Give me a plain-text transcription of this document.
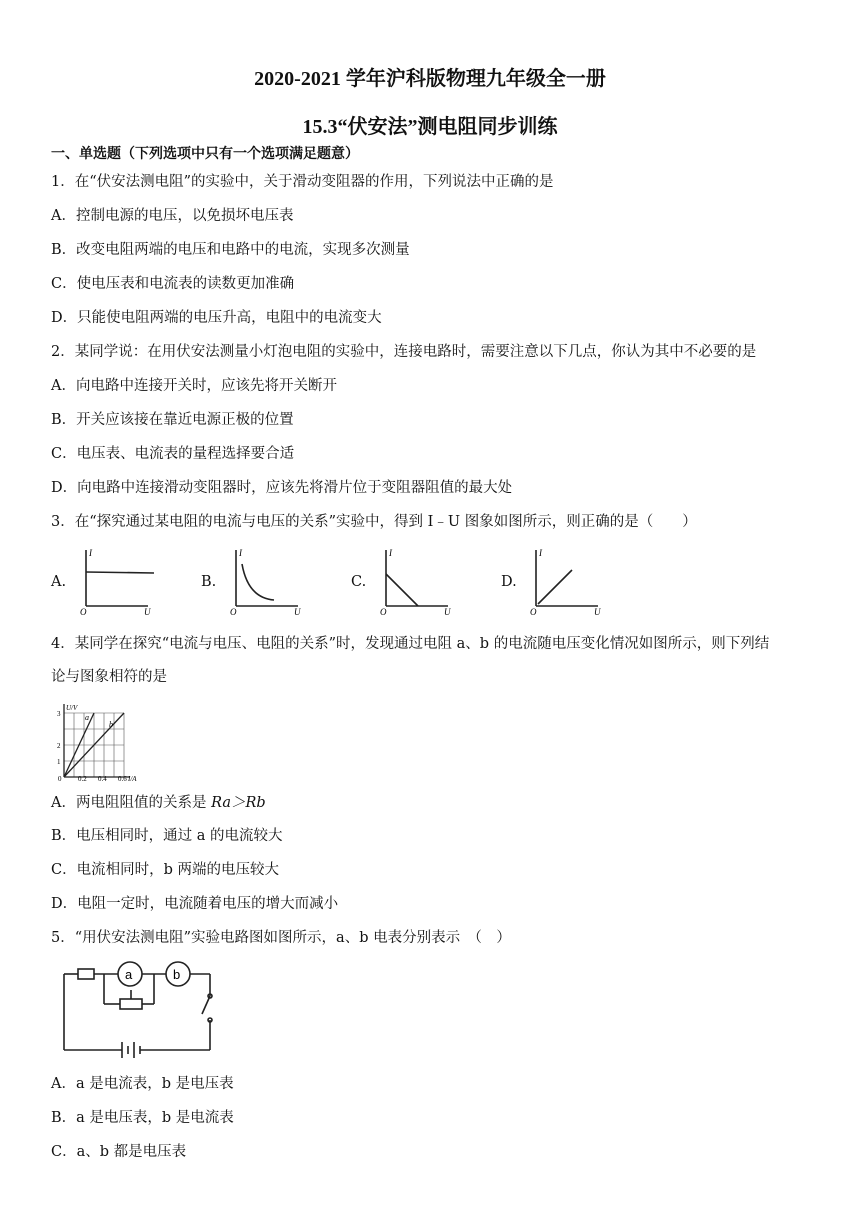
2020-2021 学年沪科版物理九年级全一册
15.3“伏安法”测电阻同步训练
一、单选题（下列选项中只有一个选项满足题意）
1．在“伏安法测电阻”的实验中，关于滑动变阻器的作用，下列说法中正确的是
A．控制电源的电压，以免损坏电压表
B．改变电阻两端的电压和电路中的电流，实现多次测量
C．使电压表和电流表的读数更加准确
D．只能使电阻两端的电压升高，电阻中的电流变大
2．某同学说：在用伏安法测量小灯泡电阻的实验中，连接电路时，需要注意以下几点，你认为其中不必要的是
A．向电路中连接开关时，应该先将开关断开
B．开关应该接在靠近电源正极的位置
C．电压表、电流表的量程选择要合适
D．向电路中连接滑动变阻器时，应该先将滑片位于变阻器阻值的最大处
3．在“探究通过某电阻的电流与电压的关系”实验中，得到 I﹣U 图象如图所示，则正确的是（　　）
A.
I
O	U
B.
I
O	U
C.
I
O	U
D.
I
O	U
4．某同学在探究“电流与电压、电阻的关系”时，发现通过电阻 a、b 的电流随电压变化情况如图所示，则下列结
论与图象相符的是
U/V
1
2
3
0 0.2 0.4 0.6 I/A
a
b
A．两电阻阻值的关系是 Ra＞Rb
B．电压相同时，通过 a 的电流较大
C．电流相同时，b 两端的电压较大
D．电阻一定时，电流随着电压的增大而减小
5．“用伏安法测电阻”实验电路图如图所示，a、b 电表分别表示　（　）
a	b
A．a 是电流表，b 是电压表
B．a 是电压表，b 是电流表
C．a、b 都是电压表
